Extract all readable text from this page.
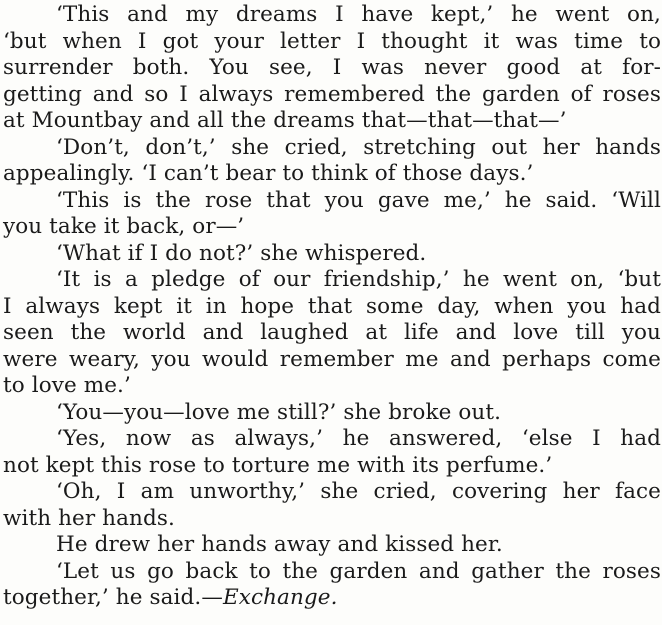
‘This and my dreams I have kept,’ he went on,
‘but when I got your letter I thought it was time to
surrender both. You see, I was never good at for-
getting and so I always remembered the garden of roses
at Mountbay and all the dreams that—that—that—’
‘Don’t, don’t,’ she cried, stretching out her hands
appealingly. ‘I can’t bear to think of those days.’
‘This is the rose that you gave me,’ he said. ‘Will
you take it back, or—’
‘What if I do not?’ she whispered.
‘It is a pledge of our friendship,’ he went on, ‘but
I always kept it in hope that some day, when you had
seen the world and laughed at life and love till you
were weary, you would remember me and perhaps come
to love me.’
‘You—you—love me still?’ she broke out.
‘Yes, now as always,’ he answered, ‘else I had
not kept this rose to torture me with its perfume.’
‘Oh, I am unworthy,’ she cried, covering her face
with her hands.
He drew her hands away and kissed her.
‘Let us go back to the garden and gather the roses
together,’ he said.—Exchange.
